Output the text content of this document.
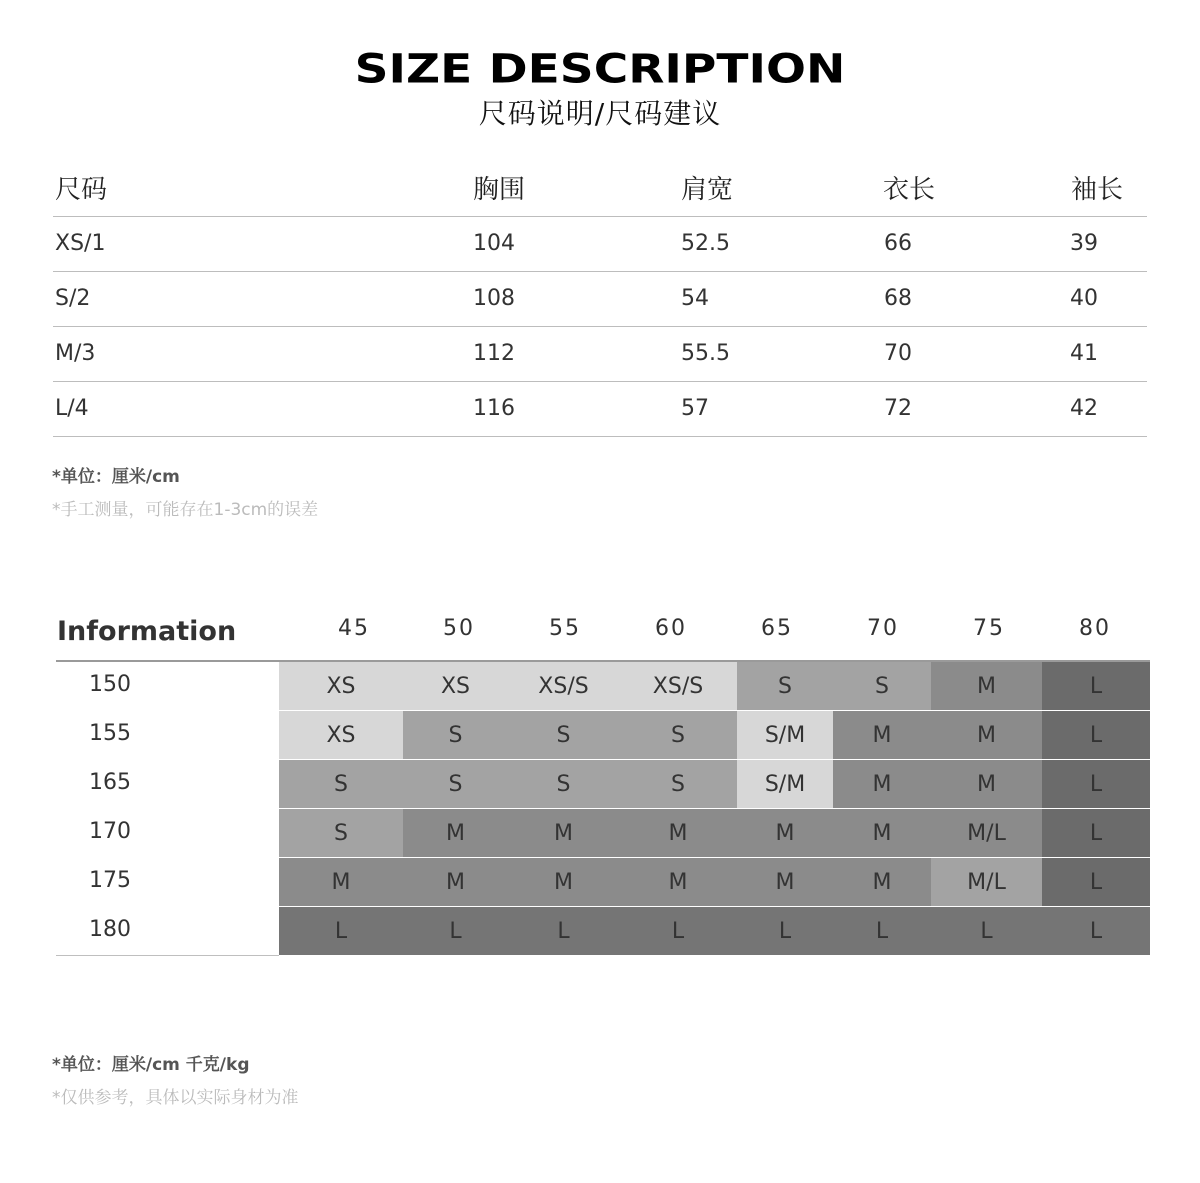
SIZE DESCRIPTION
尺码说明/尺码建议
尺码	胸围	肩宽	衣长	袖长
XS/1	104	52.5	66	39
S/2	108	54	68	40
M/3	112	55.5	70	41
L/4	116	57	72	42
*单位：厘米/cm
*手工测量，可能存在1-3cm的误差
Information	45	50	55	60	65	70	75	80
150	XS	XS	XS/S	XS/S	S	S	M	L
155	XS	S	S	S	S/M	M	M	L
165	S	S	S	S	S/M	M	M	L
170	S	M	M	M	M	M	M/L	L
175	M	M	M	M	M	M	M/L	L
180	L	L	L	L	L	L	L	L
*单位：厘米/cm 千克/kg
*仅供参考，具体以实际身材为准
